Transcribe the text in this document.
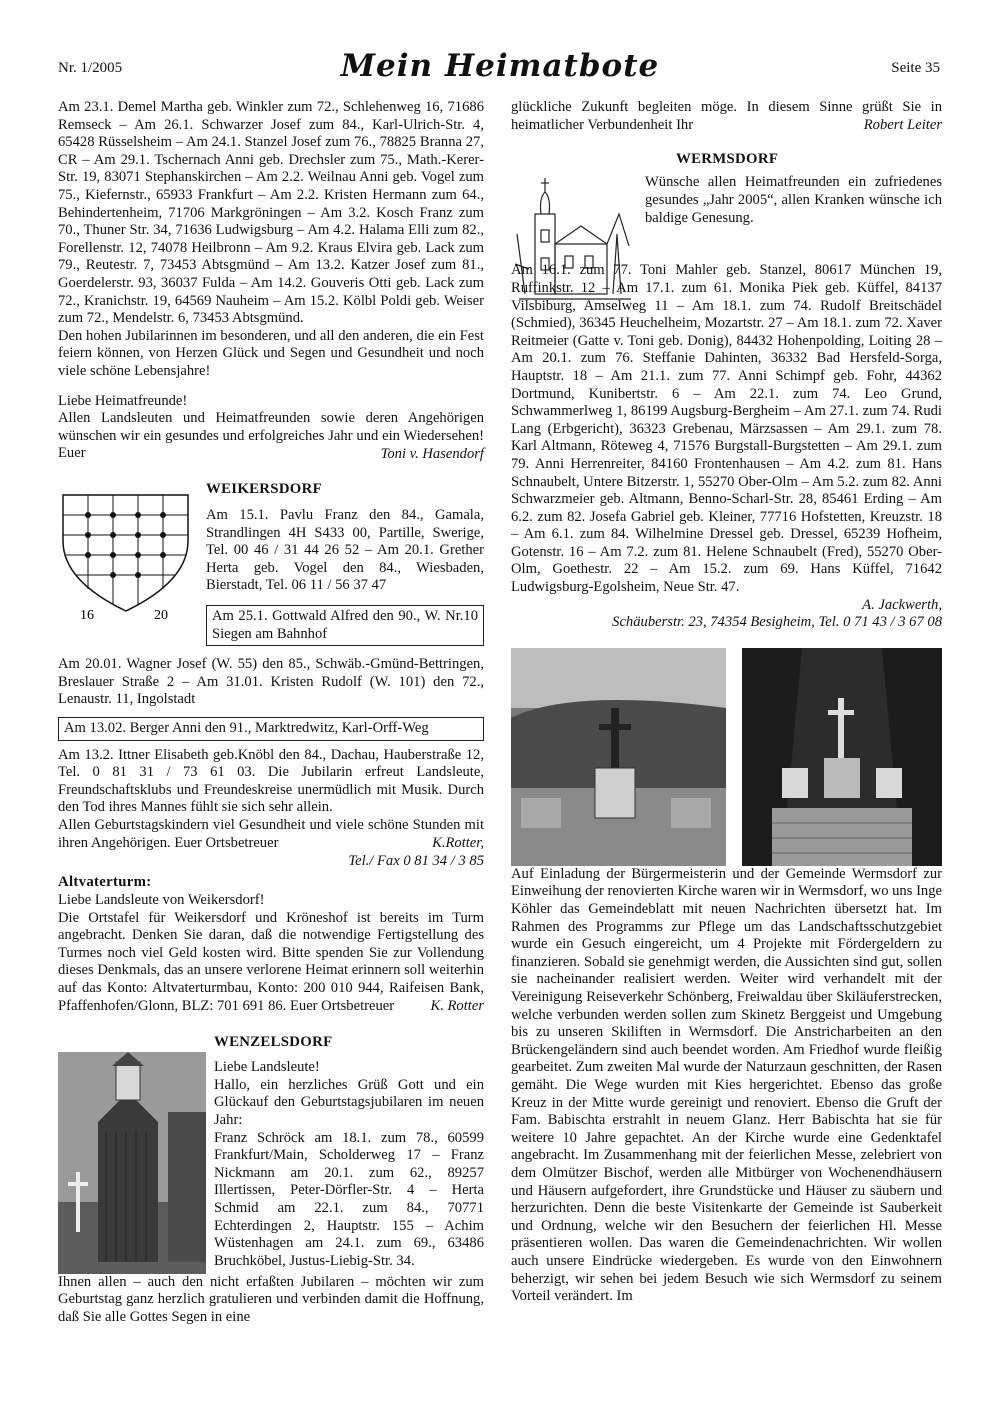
Nr. 1/2005	Mein Heimatbote	Seite 35

Am 23.1. Demel Martha geb. Winkler zum 72., Schlehenweg 16, 71686 Remseck – Am 26.1. Schwarzer Josef zum 84., Karl-Ulrich-Str. 4, 65428 Rüsselsheim – Am 24.1. Stanzel Josef zum 76., 78825 Branna 27, CR – Am 29.1. Tschernach Anni geb. Drechsler zum 75., Math.-Kerer-Str. 19, 83071 Stephanskirchen – Am 2.2. Weilnau Anni geb. Vogel zum 75., Kiefernstr., 65933 Frankfurt – Am 2.2. Kristen Hermann zum 64., Behindertenheim, 71706 Markgröningen – Am 3.2. Kosch Franz zum 70., Thuner Str. 34, 71636 Ludwigsburg – Am 4.2. Halama Elli zum 82., Forellenstr. 12, 74078 Heilbronn – Am 9.2. Kraus Elvira geb. Lack zum 79., Reutestr. 7, 73453 Abtsgmünd – Am 13.2. Katzer Josef zum 81., Goerdelerstr. 93, 36037 Fulda – Am 14.2. Gouveris Otti geb. Lack zum 72., Kranichstr. 19, 64569 Nauheim – Am 15.2. Kölbl Poldi geb. Weiser zum 72., Mendelstr. 6, 73453 Abtsgmünd.

Den hohen Jubilarinnen im besonderen, und all den anderen, die ein Fest feiern können, von Herzen Glück und Segen und Gesundheit und noch viele schöne Lebensjahre!

Liebe Heimatfreunde!

Allen Landsleuten und Heimatfreunden sowie deren Angehörigen wünschen wir ein gesundes und erfolgreiches Jahr und ein Wiedersehen! Euer	Toni v. Hasendorf
16	20
WEIKERSDORF

Am 15.1. Pavlu Franz den 84., Gamala, Strandlingen 4H S433 00, Partille, Swerige, Tel. 00 46 / 31 44 26 52 – Am 20.1. Grether Herta geb. Vogel den 84., Wiesbaden, Bierstadt, Tel. 06 11 / 56 37 47

Am 25.1. Gottwald Alfred den 90., W. Nr.10 Siegen am Bahnhof

Am 20.01. Wagner Josef (W. 55) den 85., Schwäb.-Gmünd-Bettringen, Breslauer Straße 2 – Am 31.01. Kristen Rudolf (W. 101) den 72., Lenaustr. 11, Ingolstadt

Am 13.02. Berger Anni den 91., Marktredwitz, Karl-Orff-Weg

Am 13.2. Ittner Elisabeth geb.Knöbl den 84., Dachau, Hauberstraße 12, Tel. 0 81 31 / 73 61 03. Die Jubilarin erfreut Landsleute, Freundschaftsklubs und Freundeskreise unermüdlich mit Musik. Durch den Tod ihres Mannes fühlt sie sich sehr allein.

Allen Geburtstagskindern viel Gesundheit und viele schöne Stunden mit ihren Angehörigen. Euer Ortsbetreuer	K.Rotter,
Tel./ Fax 0 81 34 / 3 85
Altvaterturm:

Liebe Landsleute von Weikersdorf!

Die Ortstafel für Weikersdorf und Kröneshof ist bereits im Turm angebracht. Denken Sie daran, daß die notwendige Fertigstellung des Turmes noch viel Geld kosten wird. Bitte spenden Sie zur Vollendung dieses Denkmals, das an unsere verlorene Heimat erinnern soll weiterhin auf das Konto: Altvaterturmbau, Konto: 200 010 944, Raifeisen Bank, Pfaffenhofen/Glonn, BLZ: 701 691 86. Euer Ortsbetreuer	K. Rotter
WENZELSDORF

Liebe Landsleute!

Hallo, ein herzliches Grüß Gott und ein Glückauf den Geburtstagsjubilaren im neuen Jahr:

Franz Schröck am 18.1. zum 78., 60599 Frankfurt/Main, Scholderweg 17 – Franz Nickmann am 20.1. zum 62., 89257 Illertissen, Peter-Dörfler-Str. 4 – Herta Schmid am 22.1. zum 84., 70771 Echterdingen 2, Hauptstr. 155 – Achim Wüstenhagen am 24.1. zum 69., 63486 Bruchköbel, Justus-Liebig-Str. 34.

Ihnen allen – auch den nicht erfaßten Jubilaren – möchten wir zum Geburtstag ganz herzlich gratulieren und verbinden damit die Hoffnung, daß Sie alle Gottes Segen in eine

glückliche Zukunft begleiten möge. In diesem Sinne grüßt Sie in heimatlicher Verbundenheit Ihr	Robert Leiter
WERMSDORF

Wünsche allen Heimatfreunden ein zufriedenes gesundes „Jahr 2005“, allen Kranken wünsche ich baldige Genesung.

Am 16.1. zum 77. Toni Mahler geb. Stanzel, 80617 München 19, Ruffinkstr. 12 – Am 17.1. zum 61. Monika Piek geb. Küffel, 84137 Vilsbiburg, Amselweg 11 – Am 18.1. zum 74. Rudolf Breitschädel (Schmied), 36345 Heuchelheim, Mozartstr. 27 – Am 18.1. zum 72. Xaver Reitmeier (Gatte v. Toni geb. Donig), 84432 Hohenpolding, Loiting 28 – Am 20.1. zum 76. Steffanie Dahinten, 36332 Bad Hersfeld-Sorga, Hauptstr. 18 – Am 21.1. zum 77. Anni Schimpf geb. Fohr, 44362 Dortmund, Kunibertstr. 6 – Am 22.1. zum 74. Leo Grund, Schwammerlweg 1, 86199 Augsburg-Bergheim – Am 27.1. zum 74. Rudi Lang (Erbgericht), 36323 Grebenau, Märzsassen – Am 29.1. zum 78. Karl Altmann, Röteweg 4, 71576 Burgstall-Burgstetten – Am 29.1. zum 79. Anni Herrenreiter, 84160 Frontenhausen – Am 4.2. zum 81. Hans Schnaubelt, Untere Bitzerstr. 1, 55270 Ober-Olm – Am 5.2. zum 82. Anni Schwarzmeier geb. Altmann, Benno-Scharl-Str. 28, 85461 Erding – Am 6.2. zum 82. Josefa Gabriel geb. Kleiner, 77716 Hofstetten, Kreuzstr. 18 – Am 6.1. zum 84. Wilhelmine Dressel geb. Dressel, 65239 Hofheim, Gotenstr. 16 – Am 7.2. zum 81. Helene Schnaubelt (Fred), 55270 Ober-Olm, Goethestr. 22 – Am 15.2. zum 69. Hans Küffel, 71642 Ludwigsburg-Egolsheim, Neue Str. 47.

A. Jackwerth,
Schäuberstr. 23, 74354 Besigheim, Tel. 0 71 43 / 3 67 08

Auf Einladung der Bürgermeisterin und der Gemeinde Wermsdorf zur Einweihung der renovierten Kirche waren wir in Wermsdorf, wo uns Inge Köhler das Gemeindeblatt mit neuen Nachrichten übersetzt hat. Im Rahmen des Programms zur Pflege um das Landschaftsschutzgebiet wurde ein Gesuch eingereicht, um 4 Projekte mit Fördergeldern zu finanzieren. Sobald sie genehmigt werden, die Aussichten sind gut, sollen sie nacheinander realisiert werden. Weiter wird verhandelt mit der Vereinigung Reiseverkehr Schönberg, Freiwaldau über Skiläuferstrecken, welche verbunden werden sollen zum Skinetz Berggeist und Umgebung bis zu unseren Skiliften in Wermsdorf. Die Anstricharbeiten an den Brückengeländern sind auch beendet worden. Am Friedhof wurde fleißig gearbeitet. Zum zweiten Mal wurde der Naturzaun geschnitten, der Rasen gemäht. Die Wege wurden mit Kies hergerichtet. Ebenso das große Kreuz in der Mitte wurde gereinigt und renoviert. Ebenso die Gruft der Fam. Babischta erstrahlt in neuem Glanz. Herr Babischta hat sie für weitere 10 Jahre gepachtet. An der Kirche wurde eine Gedenktafel angebracht. Im Zusammenhang mit der feierlichen Messe, zelebriert von dem Olmützer Bischof, werden alle Mitbürger von Wochenendhäusern und Häusern aufgefordert, ihre Grundstücke und Häuser zu säubern und herzurichten. Denn die beste Visitenkarte der Gemeinde ist Sauberkeit und Ordnung, welche wir den Besuchern der feierlichen Hl. Messe präsentieren wollen. Das waren die Gemeindenachrichten. Wir wollen auch unsere Eindrücke wiedergeben. Es wurde von den Einwohnern beherzigt, wir sehen bei jedem Besuch wie sich Wermsdorf zu seinem Vorteil verändert. Im
